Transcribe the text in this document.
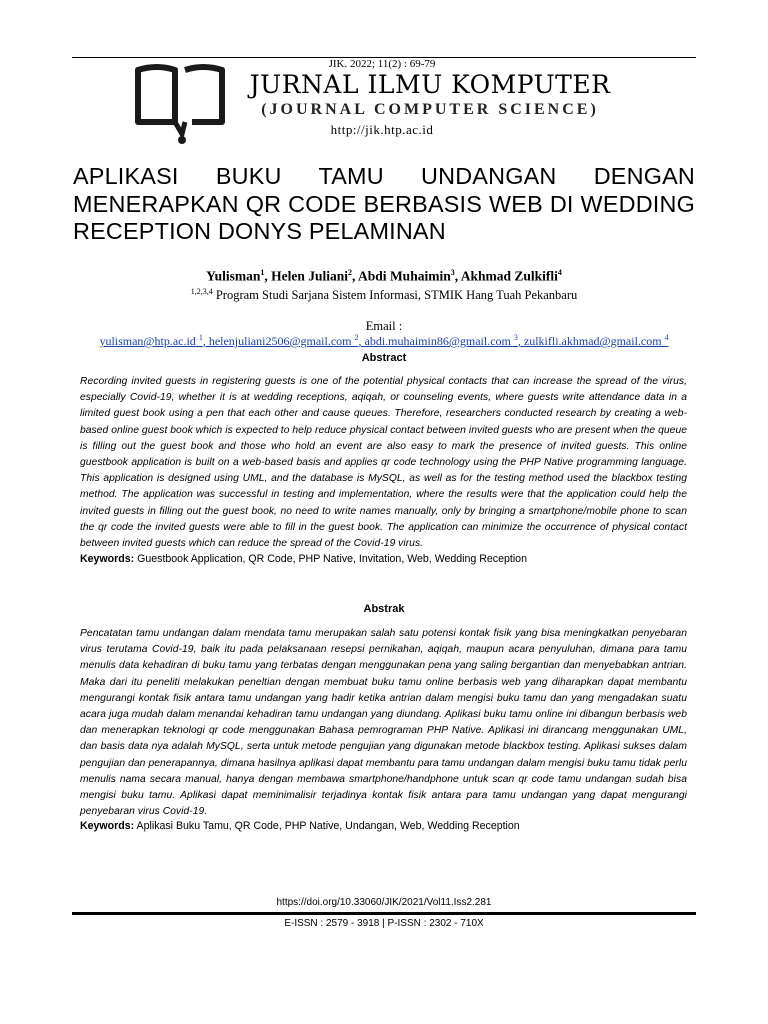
JIK. 2022; 11(2) : 69-79
JURNAL ILMU KOMPUTER
(JOURNAL COMPUTER SCIENCE)
http://jik.htp.ac.id
APLIKASI BUKU TAMU UNDANGAN DENGAN MENERAPKAN QR CODE BERBASIS WEB DI WEDDING RECEPTION DONYS PELAMINAN
Yulisman$^1$, Helen Juliani$^2$, Abdi Muhaimin$^3$, Akhmad Zulkifli$^4$
$^{1,2,3,4}$ Program Studi Sarjana Sistem Informasi, STMIK Hang Tuah Pekanbaru
Email :
yulisman@htp.ac.id $^1$, helenjuliani2506@gmail.com $^2$, abdi.muhaimin86@gmail.com $^3$, zulkifli.akhmad@gmail.com $^4$
Abstract
Recording invited guests in registering guests is one of the potential physical contacts that can increase the spread of the virus, especially Covid-19, whether it is at wedding receptions, aqiqah, or counseling events, where guests write attendance data in a limited guest book using a pen that each other and cause queues. Therefore, researchers conducted research by creating a web-based online guest book which is expected to help reduce physical contact between invited guests who are present when the queue is filling out the guest book and those who hold an event are also easy to mark the presence of invited guests. This online guestbook application is built on a web-based basis and applies qr code technology using the PHP Native programming language. This application is designed using UML, and the database is MySQL, as well as for the testing method used the blackbox testing method. The application was successful in testing and implementation, where the results were that the application could help the invited guests in filling out the guest book, no need to write names manually, only by bringing a smartphone/mobile phone to scan the qr code the invited guests were able to fill in the guest book. The application can minimize the occurrence of physical contact between invited guests which can reduce the spread of the Covid-19 virus.
Keywords: Guestbook Application, QR Code, PHP Native, Invitation, Web, Wedding Reception
Abstrak
Pencatatan tamu undangan dalam mendata tamu merupakan salah satu potensi kontak fisik yang bisa meningkatkan penyebaran virus terutama Covid-19, baik itu pada pelaksanaan resepsi pernikahan, aqiqah, maupun acara penyuluhan, dimana para tamu menulis data kehadiran di buku tamu yang terbatas dengan menggunakan pena yang saling bergantian dan menyebabkan antrian. Maka dari itu peneliti melakukan peneltian dengan membuat buku tamu online berbasis web yang diharapkan dapat membantu mengurangi kontak fisik antara tamu undangan yang hadir ketika antrian dalam mengisi buku tamu dan yang mengadakan suatu acara juga mudah dalam menandai kehadiran tamu undangan yang diundang. Aplikasi buku tamu online ini dibangun berbasis web dan menerapkan teknologi qr code menggunakan Bahasa pemrograman PHP Native. Aplikasi ini dirancang menggunakan UML, dan basis data nya adalah MySQL, serta untuk metode pengujian yang digunakan metode blackbox testing. Aplikasi sukses dalam pengujian dan penerapannya, dimana hasilnya aplikasi dapat membantu para tamu undangan dalam mengisi buku tamu tidak perlu menulis nama secara manual, hanya dengan membawa smartphone/handphone untuk scan qr code tamu undangan sudah bisa mengisi buku tamu. Aplikasi dapat meminimalisir terjadinya kontak fisik antara para tamu undangan yang dapat mengurangi penyebaran virus Covid-19.
Keywords: Aplikasi Buku Tamu, QR Code, PHP Native, Undangan, Web, Wedding Reception
https://doi.org/10.33060/JIK/2021/Vol11.Iss2.281
E-ISSN : 2579 - 3918 | P-ISSN : 2302 - 710X
